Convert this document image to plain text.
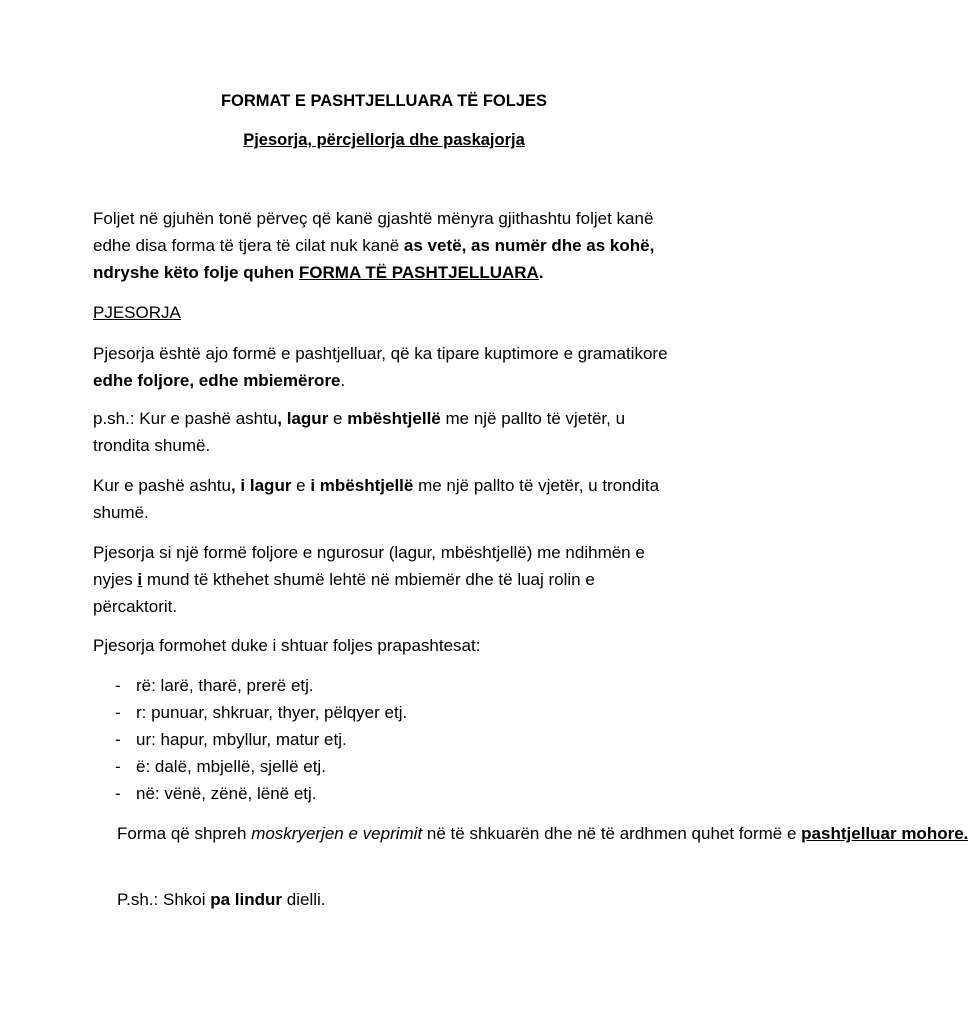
FORMAT E PASHTJELLUARA TË FOLJES
Pjesorja, përcjellorja dhe paskajorja
Foljet në gjuhën tonë përveç që kanë gjashtë mënyra gjithashtu foljet kanë edhe disa forma të tjera të cilat nuk kanë as vetë, as numër dhe as kohë, ndryshe këto folje quhen FORMA TË PASHTJELLUARA.
PJESORJA
Pjesorja është ajo formë e pashtjelluar, që ka tipare kuptimore e gramatikore edhe foljore, edhe mbiemërore.
p.sh.: Kur e pashë ashtu, lagur e mbështjellë me një pallto të vjetër, u trondita shumë.
Kur e pashë ashtu, i lagur e i mbështjellë me një pallto të vjetër, u trondita shumë.
Pjesorja si një formë foljore e ngurosur (lagur, mbështjellë) me ndihmën e nyjes i mund të kthehet shumë lehtë në mbiemër dhe të luaj rolin e përcaktorit.
Pjesorja formohet duke i shtuar foljes prapashtesat:
- rë: larë, tharë, prerë etj.
- r: punuar, shkruar, thyer, pëlqyer etj.
- ur: hapur, mbyllur, matur etj.
- ë: dalë, mbjellë, sjellë etj.
- në: vënë, zënë, lënë etj.
Forma që shpreh moskryerjen e veprimit në të shkuarën dhe në të ardhmen quhet formë e pashtjelluar mohore.
P.sh.: Shkoi pa lindur dielli.
